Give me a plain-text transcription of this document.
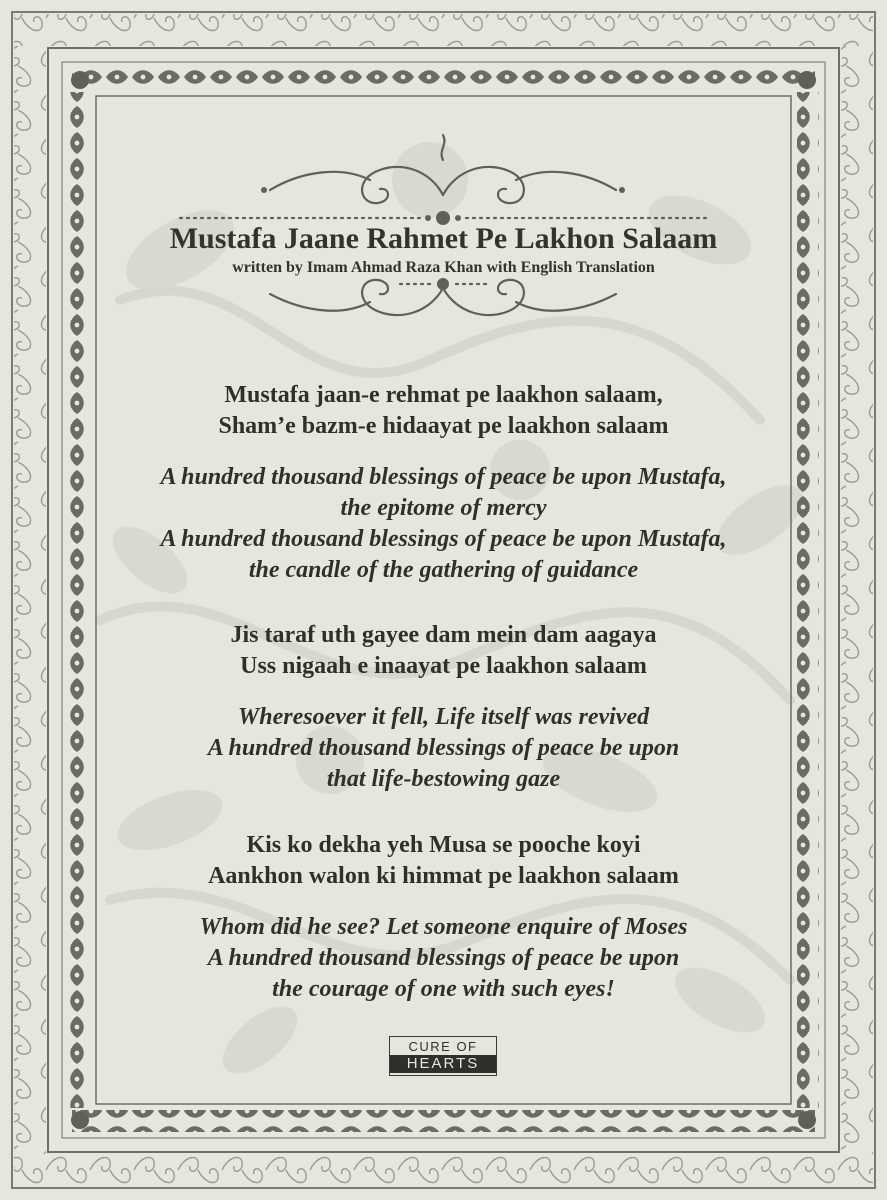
Mustafa Jaane Rahmet Pe Lakhon Salaam
written by Imam Ahmad Raza Khan with English Translation
Mustafa jaan-e rehmat pe laakhon salaam,
Sham’e bazm-e hidaayat pe laakhon salaam
A hundred thousand blessings of peace be upon Mustafa,
the epitome of mercy
A hundred thousand blessings of peace be upon Mustafa,
the candle of the gathering of guidance
Jis taraf uth gayee dam mein dam aagaya
Uss nigaah e inaayat pe laakhon salaam
Wheresoever it fell, Life itself was revived
A hundred thousand blessings of peace be upon
that life-bestowing gaze
Kis ko dekha yeh Musa se pooche koyi
Aankhon walon ki himmat pe laakhon salaam
Whom did he see? Let someone enquire of Moses
A hundred thousand blessings of peace be upon
the courage of one with such eyes!
CURE OF
HEARTS
